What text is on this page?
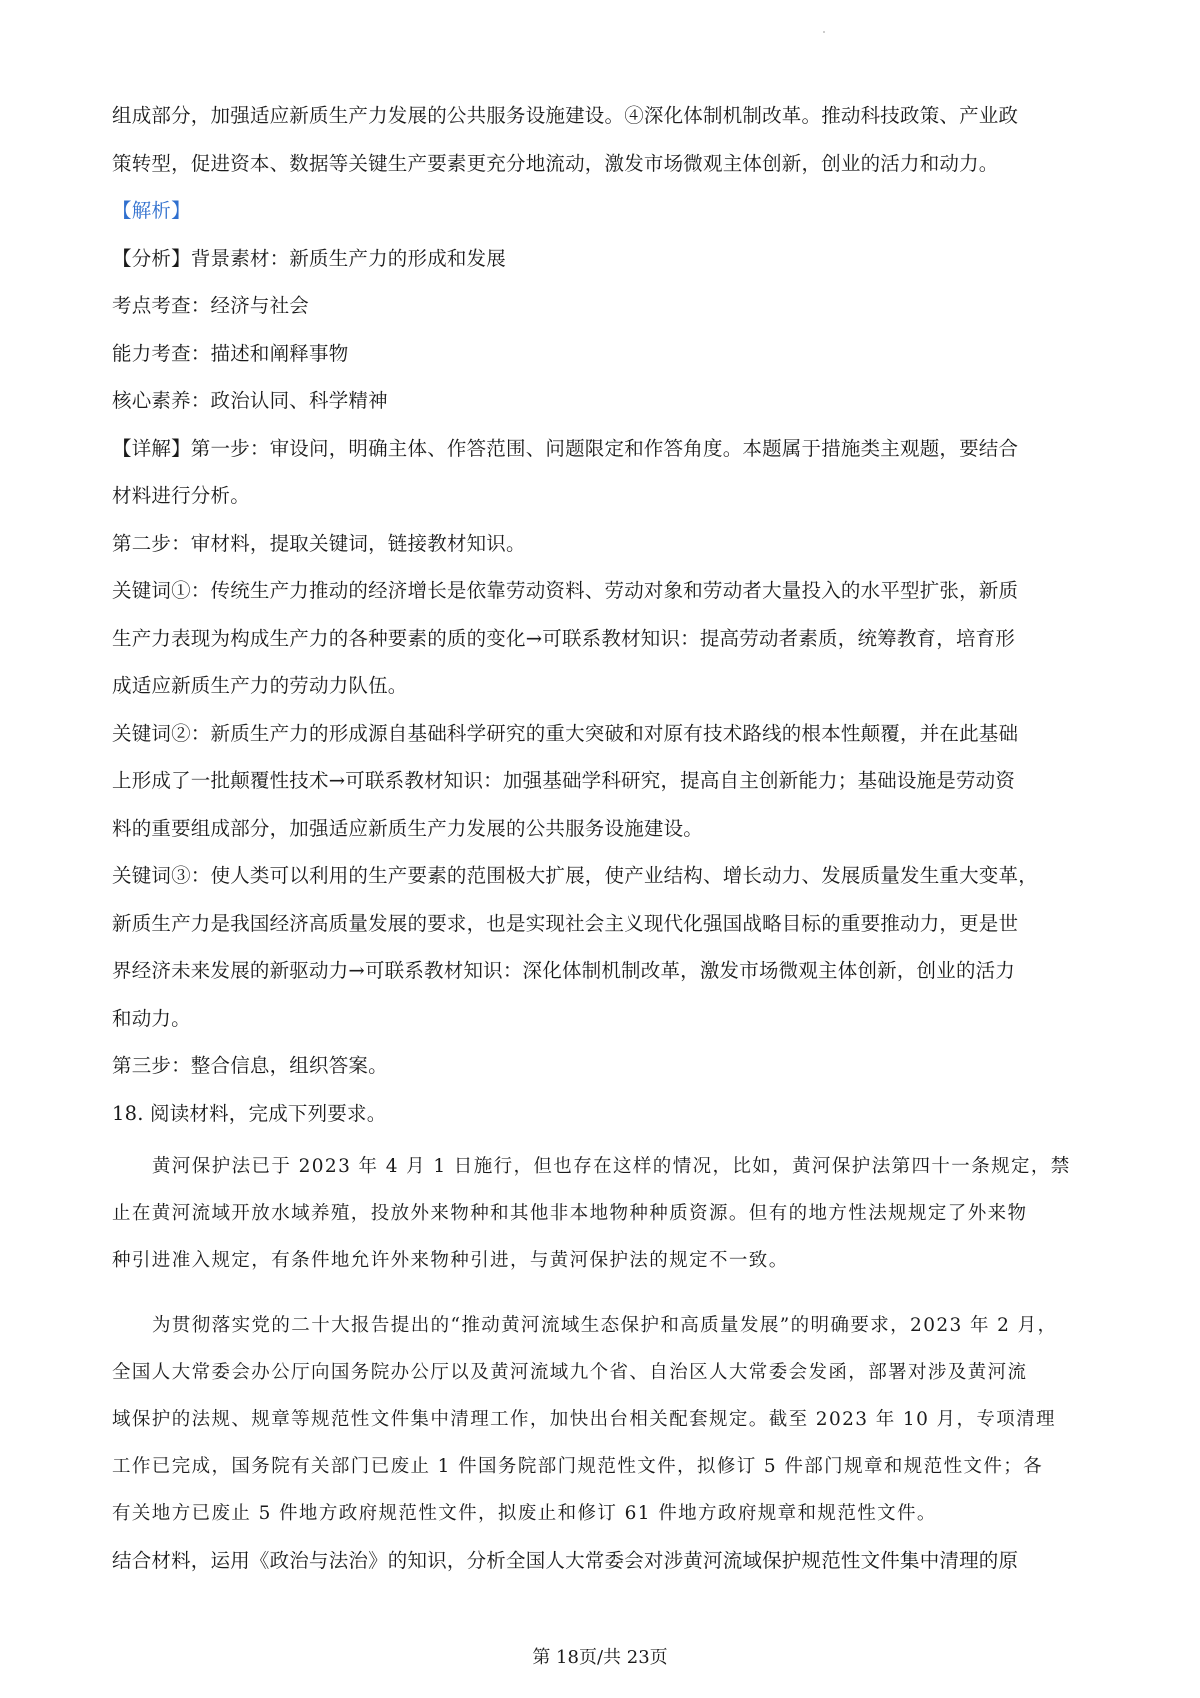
组成部分，加强适应新质生产力发展的公共服务设施建设。④深化体制机制改革。推动科技政策、产业政
策转型，促进资本、数据等关键生产要素更充分地流动，激发市场微观主体创新，创业的活力和动力。
【解析】
【分析】背景素材：新质生产力的形成和发展
考点考查：经济与社会
能力考查：描述和阐释事物
核心素养：政治认同、科学精神
【详解】第一步：审设问，明确主体、作答范围、问题限定和作答角度。本题属于措施类主观题，要结合
材料进行分析。
第二步：审材料，提取关键词，链接教材知识。
关键词①：传统生产力推动的经济增长是依靠劳动资料、劳动对象和劳动者大量投入的水平型扩张，新质
生产力表现为构成生产力的各种要素的质的变化→可联系教材知识：提高劳动者素质，统筹教育，培育形
成适应新质生产力的劳动力队伍。
关键词②：新质生产力的形成源自基础科学研究的重大突破和对原有技术路线的根本性颠覆，并在此基础
上形成了一批颠覆性技术→可联系教材知识：加强基础学科研究，提高自主创新能力；基础设施是劳动资
料的重要组成部分，加强适应新质生产力发展的公共服务设施建设。
关键词③：使人类可以利用的生产要素的范围极大扩展，使产业结构、增长动力、发展质量发生重大变革，
新质生产力是我国经济高质量发展的要求，也是实现社会主义现代化强国战略目标的重要推动力，更是世
界经济未来发展的新驱动力→可联系教材知识：深化体制机制改革，激发市场微观主体创新，创业的活力
和动力。
第三步：整合信息，组织答案。
18. 阅读材料，完成下列要求。
黄河保护法已于 2023 年 4 月 1 日施行，但也存在这样的情况，比如，黄河保护法第四十一条规定，禁
止在黄河流域开放水域养殖，投放外来物种和其他非本地物种种质资源。但有的地方性法规规定了外来物
种引进准入规定，有条件地允许外来物种引进，与黄河保护法的规定不一致。
为贯彻落实党的二十大报告提出的“推动黄河流域生态保护和高质量发展”的明确要求，2023 年 2 月，
全国人大常委会办公厅向国务院办公厅以及黄河流域九个省、自治区人大常委会发函，部署对涉及黄河流
域保护的法规、规章等规范性文件集中清理工作，加快出台相关配套规定。截至 2023 年 10 月，专项清理
工作已完成，国务院有关部门已废止 1 件国务院部门规范性文件，拟修订 5 件部门规章和规范性文件；各
有关地方已废止 5 件地方政府规范性文件，拟废止和修订 61 件地方政府规章和规范性文件。
结合材料，运用《政治与法治》的知识，分析全国人大常委会对涉黄河流域保护规范性文件集中清理的原
第 18页/共 23页
